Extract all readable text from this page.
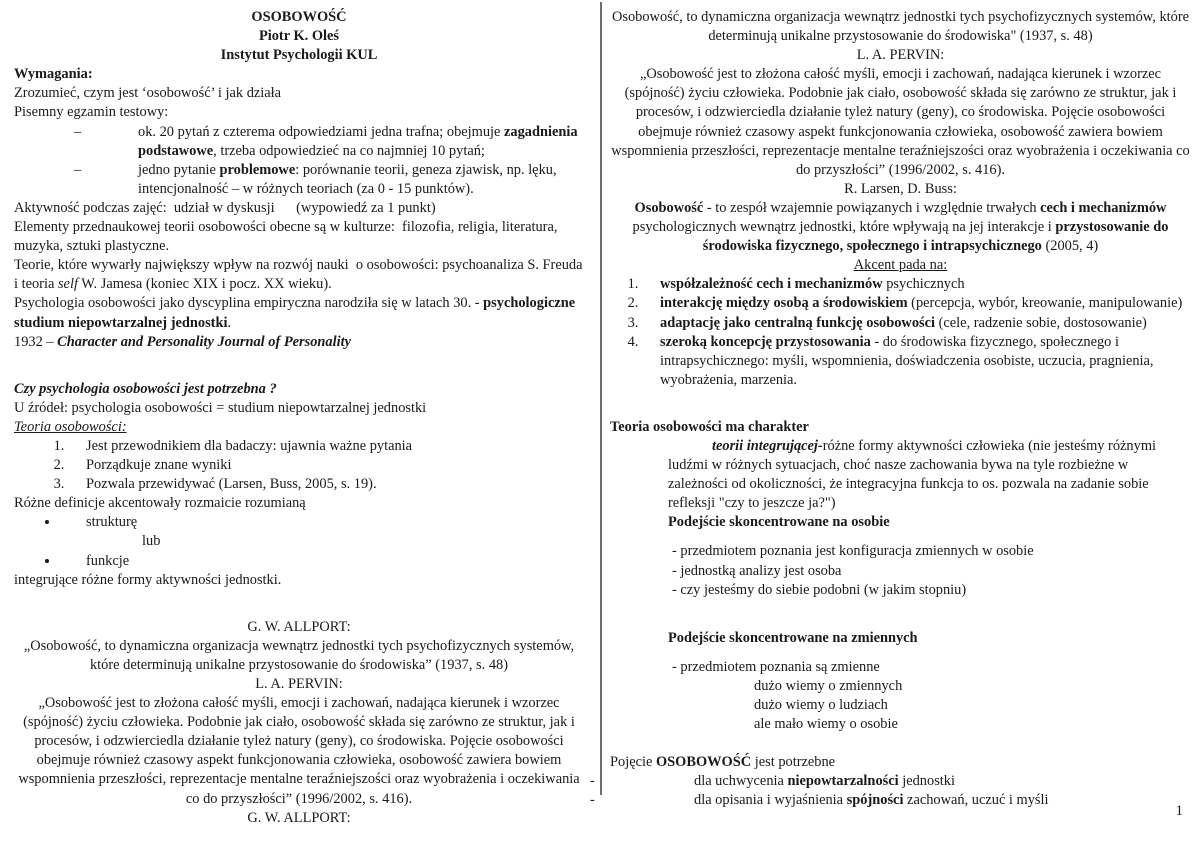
OSOBOWOŚĆ
Piotr K. Oleś
Instytut Psychologii KUL
Wymagania:
Zrozumieć, czym jest ‘osobowość’ i jak działa
Pisemny egzamin testowy:
–	ok. 20 pytań z czterema odpowiedziami jedna trafna; obejmuje zagadnienia podstawowe, trzeba odpowiedzieć na co najmniej 10 pytań;
–	jedno pytanie problemowe: porównanie teorii, geneza zjawisk, np. lęku, intencjonalność – w różnych teoriach (za 0 - 15 punktów).
Aktywność podczas zajęć:  udział w dyskusji      (wypowiedź za 1 punkt)
Elementy przednaukowej teorii osobowości obecne są w kulturze:  filozofia, religia, literatura, muzyka, sztuki plastyczne.
Teorie, które wywarły największy wpływ na rozwój nauki  o osobowości: psychoanaliza S. Freuda i teoria self W. Jamesa (koniec XIX i pocz. XX wieku).
Psychologia osobowości jako dyscyplina empiryczna narodziła się w latach 30. - psychologiczne studium niepowtarzalnej jednostki.
1932 – Character and Personality Journal of Personality
Czy psychologia osobowości jest potrzebna ?
U źródeł: psychologia osobowości = studium niepowtarzalnej jednostki
Teoria osobowości:
1. Jest przewodnikiem dla badaczy: ujawnia ważne pytania
2. Porządkuje znane wyniki
3. Pozwala przewidywać (Larsen, Buss, 2005, s. 19).
Różne definicje akcentowały rozmaicie rozumianą
• strukturę
lub
• funkcje
integrujące różne formy aktywności jednostki.
G. W. ALLPORT:
„Osobowość, to dynamiczna organizacja wewnątrz jednostki tych psychofizycznych systemów, które determinują unikalne przystosowanie do środowiska” (1937, s. 48)
L. A. PERVIN:
„Osobowość jest to złożona całość myśli, emocji i zachowań, nadająca kierunek i wzorzec (spójność) życiu człowieka. Podobnie jak ciało, osobowość składa się zarówno ze struktur, jak i procesów, i odzwierciedla działanie tyleż natury (geny), co środowiska. Pojęcie osobowości obejmuje również czasowy aspekt funkcjonowania człowieka, osobowość zawiera bowiem wspomnienia przeszłości, reprezentacje mentalne teraźniejszości oraz wyobrażenia i oczekiwania co do przyszłości” (1996/2002, s. 416).
G. W. ALLPORT:
Osobowość, to dynamiczna organizacja wewnątrz jednostki tych psychofizycznych systemów, które determinują unikalne przystosowanie do środowiska" (1937, s. 48)
L. A. PERVIN:
„Osobowość jest to złożona całość myśli, emocji i zachowań, nadająca kierunek i wzorzec (spójność) życiu człowieka. Podobnie jak ciało, osobowość składa się zarówno ze struktur, jak i procesów, i odzwierciedla działanie tyleż natury (geny), co środowiska. Pojęcie osobowości obejmuje również czasowy aspekt funkcjonowania człowieka, osobowość zawiera bowiem wspomnienia przeszłości, reprezentacje mentalne teraźniejszości oraz wyobrażenia i oczekiwania co do przyszłości” (1996/2002, s. 416).
R. Larsen, D. Buss:
Osobowość - to zespół wzajemnie powiązanych i względnie trwałych cech i mechanizmów psychologicznych wewnątrz jednostki, które wpływają na jej interakcje i przystosowanie do środowiska fizycznego, społecznego i intrapsychicznego (2005, 4)
Akcent pada na:
1. współzależność cech i mechanizmów psychicznych
2. interakcję między osobą a środowiskiem (percepcja, wybór, kreowanie, manipulowanie)
3. adaptację jako centralną funkcję osobowości (cele, radzenie sobie, dostosowanie)
4. szeroką koncepcję przystosowania - do środowiska fizycznego, społecznego i intrapsychicznego: myśli, wspomnienia, doświadczenia osobiste, uczucia, pragnienia, wyobrażenia, marzenia.
Teoria osobowości ma charakter
teorii integrującej-różne formy aktywności człowieka (nie jesteśmy różnymi ludźmi w różnych sytuacjach, choć nasze zachowania bywa na tyle rozbieżne w zależności od okoliczności, że integracyjna funkcja to os. pozwala na zadanie sobie refleksji "czy to jeszcze ja?")
Podejście skoncentrowane na osobie
- przedmiotem poznania jest konfiguracja zmiennych w osobie
- jednostką analizy jest osoba
- czy jesteśmy do siebie podobni (w jakim stopniu)
Podejście skoncentrowane na zmiennych
- przedmiotem poznania są zmienne
dużo wiemy o zmiennych
dużo wiemy o ludziach
ale mało wiemy o osobie
Pojęcie OSOBOWOŚĆ jest potrzebne
-	dla uchwycenia niepowtarzalności jednostki
-	dla opisania i wyjaśnienia spójności zachowań, uczuć i myśli
1
